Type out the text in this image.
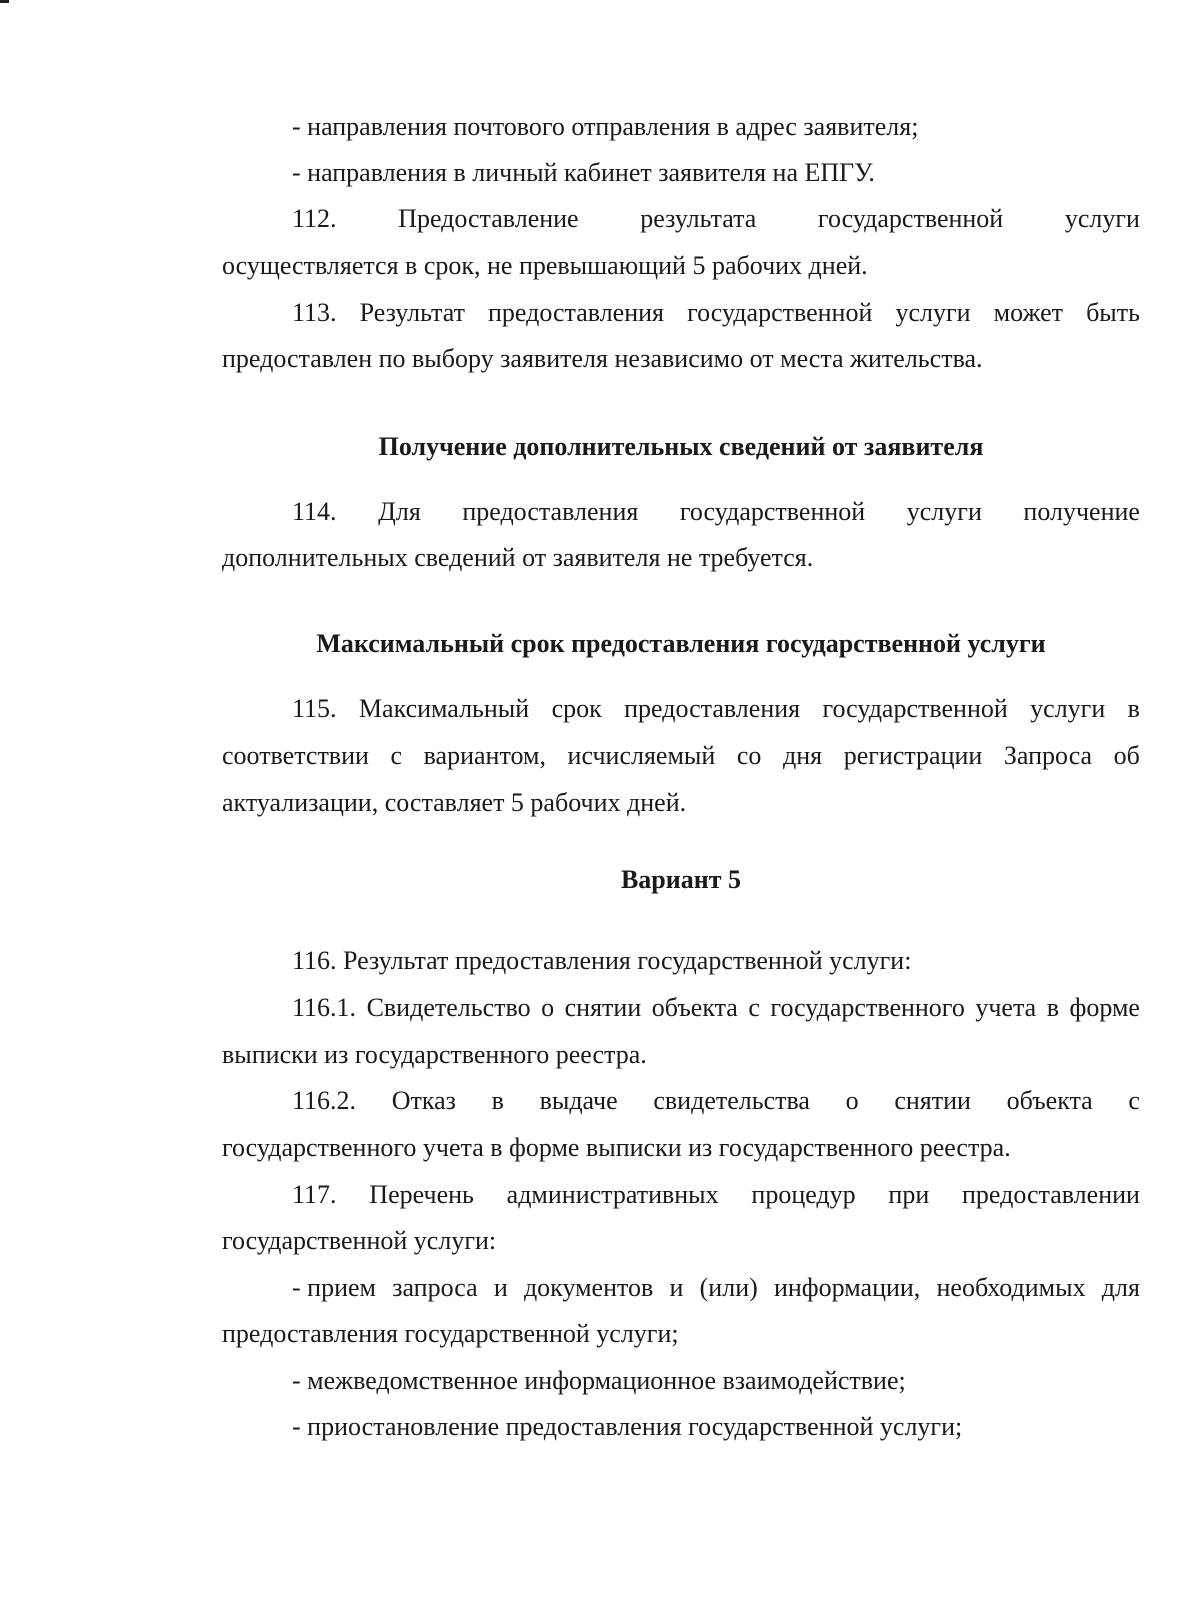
- направления почтового отправления в адрес заявителя;
- направления в личный кабинет заявителя на ЕПГУ.
112. Предоставление результата государственной услуги
осуществляется в срок, не превышающий 5 рабочих дней.
113. Результат предоставления государственной услуги может быть
предоставлен по выбору заявителя независимо от места жительства.
Получение дополнительных сведений от заявителя
114. Для предоставления государственной услуги получение
дополнительных сведений от заявителя не требуется.
Максимальный срок предоставления государственной услуги
115. Максимальный срок предоставления государственной услуги в
соответствии с вариантом, исчисляемый со дня регистрации Запроса об
актуализации, составляет 5 рабочих дней.
Вариант 5
116. Результат предоставления государственной услуги:
116.1. Свидетельство о снятии объекта с государственного учета в форме
выписки из государственного реестра.
116.2. Отказ в выдаче свидетельства о снятии объекта с
государственного учета в форме выписки из государственного реестра.
117. Перечень административных процедур при предоставлении
государственной услуги:
- прием запроса и документов и (или) информации, необходимых для
предоставления государственной услуги;
- межведомственное информационное взаимодействие;
- приостановление предоставления государственной услуги;
